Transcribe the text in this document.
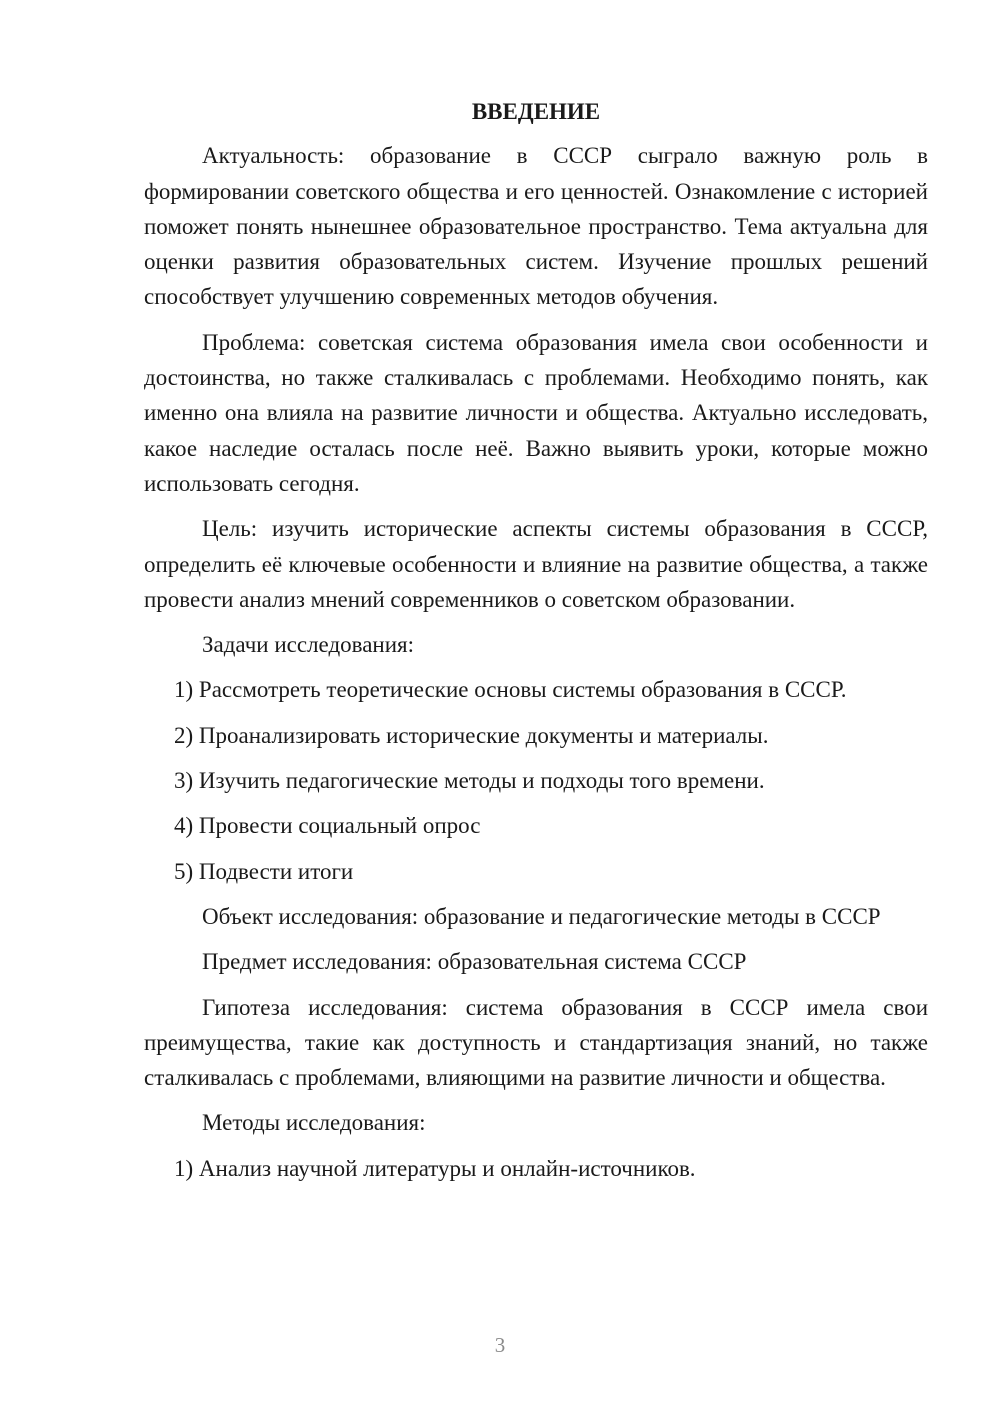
ВВЕДЕНИЕ

Актуальность: образование в СССР сыграло важную роль в формировании советского общества и его ценностей. Ознакомление с историей поможет понять нынешнее образовательное пространство. Тема актуальна для оценки развития образовательных систем. Изучение прошлых решений способствует улучшению современных методов обучения.

Проблема: советская система образования имела свои особенности и достоинства, но также сталкивалась с проблемами. Необходимо понять, как именно она влияла на развитие личности и общества. Актуально исследовать, какое наследие осталась после неё. Важно выявить уроки, которые можно использовать сегодня.

Цель: изучить исторические аспекты системы образования в СССР, определить её ключевые особенности и влияние на развитие общества, а также провести анализ мнений современников о советском образовании.

Задачи исследования:
1) Рассмотреть теоретические основы системы образования в СССР.
2) Проанализировать исторические документы и материалы.
3) Изучить педагогические методы и подходы того времени.
4) Провести социальный опрос
5) Подвести итоги

Объект исследования: образование и педагогические методы в СССР

Предмет исследования: образовательная система СССР

Гипотеза исследования: система образования в СССР имела свои преимущества, такие как доступность и стандартизация знаний, но также сталкивалась с проблемами, влияющими на развитие личности и общества.

Методы исследования:
1) Анализ научной литературы и онлайн-источников.
3
